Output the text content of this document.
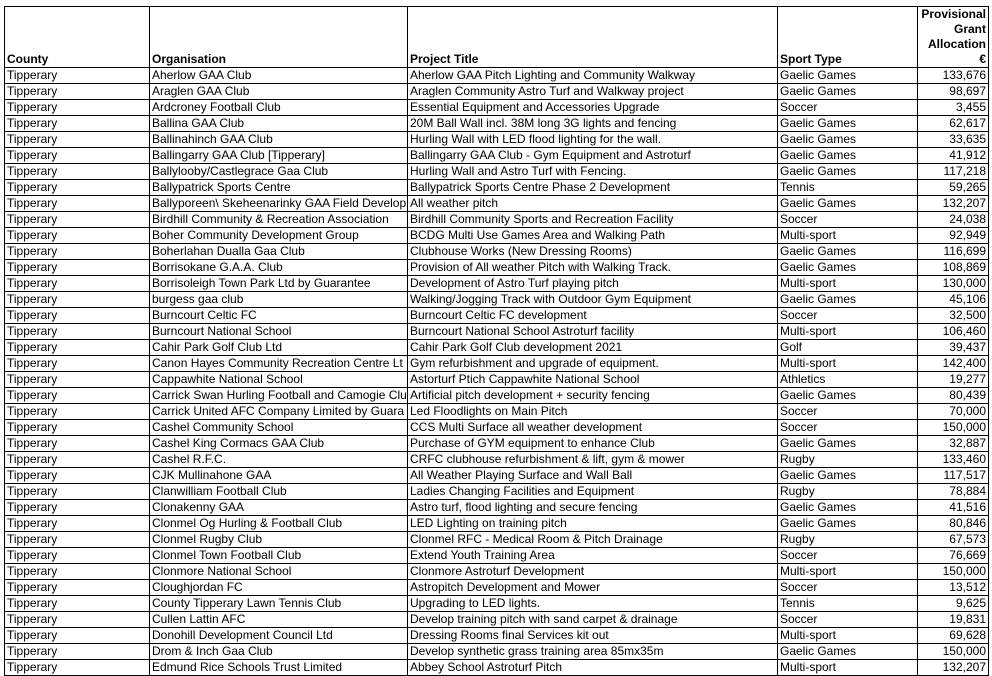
County	Organisation	Project Title	Sport Type	Provisional Grant Allocation €
Tipperary	Aherlow GAA Club	Aherlow GAA Pitch Lighting and Community Walkway	Gaelic Games	133,676
Tipperary	Araglen GAA Club	Araglen Community Astro Turf and Walkway project	Gaelic Games	98,697
Tipperary	Ardcroney Football Club	Essential Equipment and Accessories Upgrade	Soccer	3,455
Tipperary	Ballina GAA Club	20M Ball Wall incl. 38M long 3G lights and fencing	Gaelic Games	62,617
Tipperary	Ballinahinch GAA Club	Hurling Wall with LED flood lighting for the wall.	Gaelic Games	33,635
Tipperary	Ballingarry GAA Club [Tipperary]	Ballingarry GAA Club - Gym Equipment and Astroturf	Gaelic Games	41,912
Tipperary	Ballylooby/Castlegrace Gaa Club	Hurling Wall and Astro Turf with Fencing.	Gaelic Games	117,218
Tipperary	Ballypatrick Sports Centre	Ballypatrick Sports Centre Phase 2 Development	Tennis	59,265
Tipperary	Ballyporeen\ Skeheenarinky GAA Field Develop	All weather pitch	Gaelic Games	132,207
Tipperary	Birdhill Community & Recreation Association	Birdhill Community Sports and Recreation Facility	Soccer	24,038
Tipperary	Boher Community Development Group	BCDG Multi Use Games Area and Walking Path	Multi-sport	92,949
Tipperary	Boherlahan Dualla Gaa Club	Clubhouse Works (New Dressing Rooms)	Gaelic Games	116,699
Tipperary	Borrisokane G.A.A. Club	Provision of All weather Pitch with Walking Track.	Gaelic Games	108,869
Tipperary	Borrisoleigh Town Park Ltd by Guarantee	Development of Astro Turf playing pitch	Multi-sport	130,000
Tipperary	burgess gaa club	Walking/Jogging Track with Outdoor Gym Equipment	Gaelic Games	45,106
Tipperary	Burncourt Celtic FC	Burncourt Celtic FC development	Soccer	32,500
Tipperary	Burncourt National School	Burncourt National School Astroturf facility	Multi-sport	106,460
Tipperary	Cahir Park Golf Club Ltd	Cahir Park Golf Club development 2021	Golf	39,437
Tipperary	Canon Hayes Community Recreation Centre Lt	Gym refurbishment and upgrade of equipment.	Multi-sport	142,400
Tipperary	Cappawhite National School	Astorturf Ptich Cappawhite National School	Athletics	19,277
Tipperary	Carrick Swan Hurling Football and Camogie Clu	Artificial pitch development + security fencing	Gaelic Games	80,439
Tipperary	Carrick United AFC Company Limited by Guara	Led Floodlights on Main Pitch	Soccer	70,000
Tipperary	Cashel Community School	CCS Multi Surface all weather development	Soccer	150,000
Tipperary	Cashel King Cormacs GAA Club	Purchase of GYM equipment to enhance Club	Gaelic Games	32,887
Tipperary	Cashel R.F.C.	CRFC clubhouse refurbishment & lift, gym & mower	Rugby	133,460
Tipperary	CJK Mullinahone GAA	All Weather Playing Surface and Wall Ball	Gaelic Games	117,517
Tipperary	Clanwilliam Football Club	Ladies Changing Facilities and Equipment	Rugby	78,884
Tipperary	Clonakenny GAA	Astro turf, flood lighting and secure fencing	Gaelic Games	41,516
Tipperary	Clonmel Og Hurling & Football Club	LED Lighting on training pitch	Gaelic Games	80,846
Tipperary	Clonmel Rugby Club	Clonmel RFC - Medical Room & Pitch Drainage	Rugby	67,573
Tipperary	Clonmel Town Football Club	Extend Youth Training Area	Soccer	76,669
Tipperary	Clonmore National School	Clonmore Astroturf Development	Multi-sport	150,000
Tipperary	Cloughjordan FC	Astropitch Development and Mower	Soccer	13,512
Tipperary	County Tipperary Lawn Tennis Club	Upgrading to LED lights.	Tennis	9,625
Tipperary	Cullen Lattin AFC	Develop training pitch with sand carpet & drainage	Soccer	19,831
Tipperary	Donohill Development Council Ltd	Dressing Rooms final Services kit out	Multi-sport	69,628
Tipperary	Drom & Inch Gaa Club	Develop synthetic grass training area 85mx35m	Gaelic Games	150,000
Tipperary	Edmund Rice Schools Trust Limited	Abbey School Astroturf Pitch	Multi-sport	132,207
